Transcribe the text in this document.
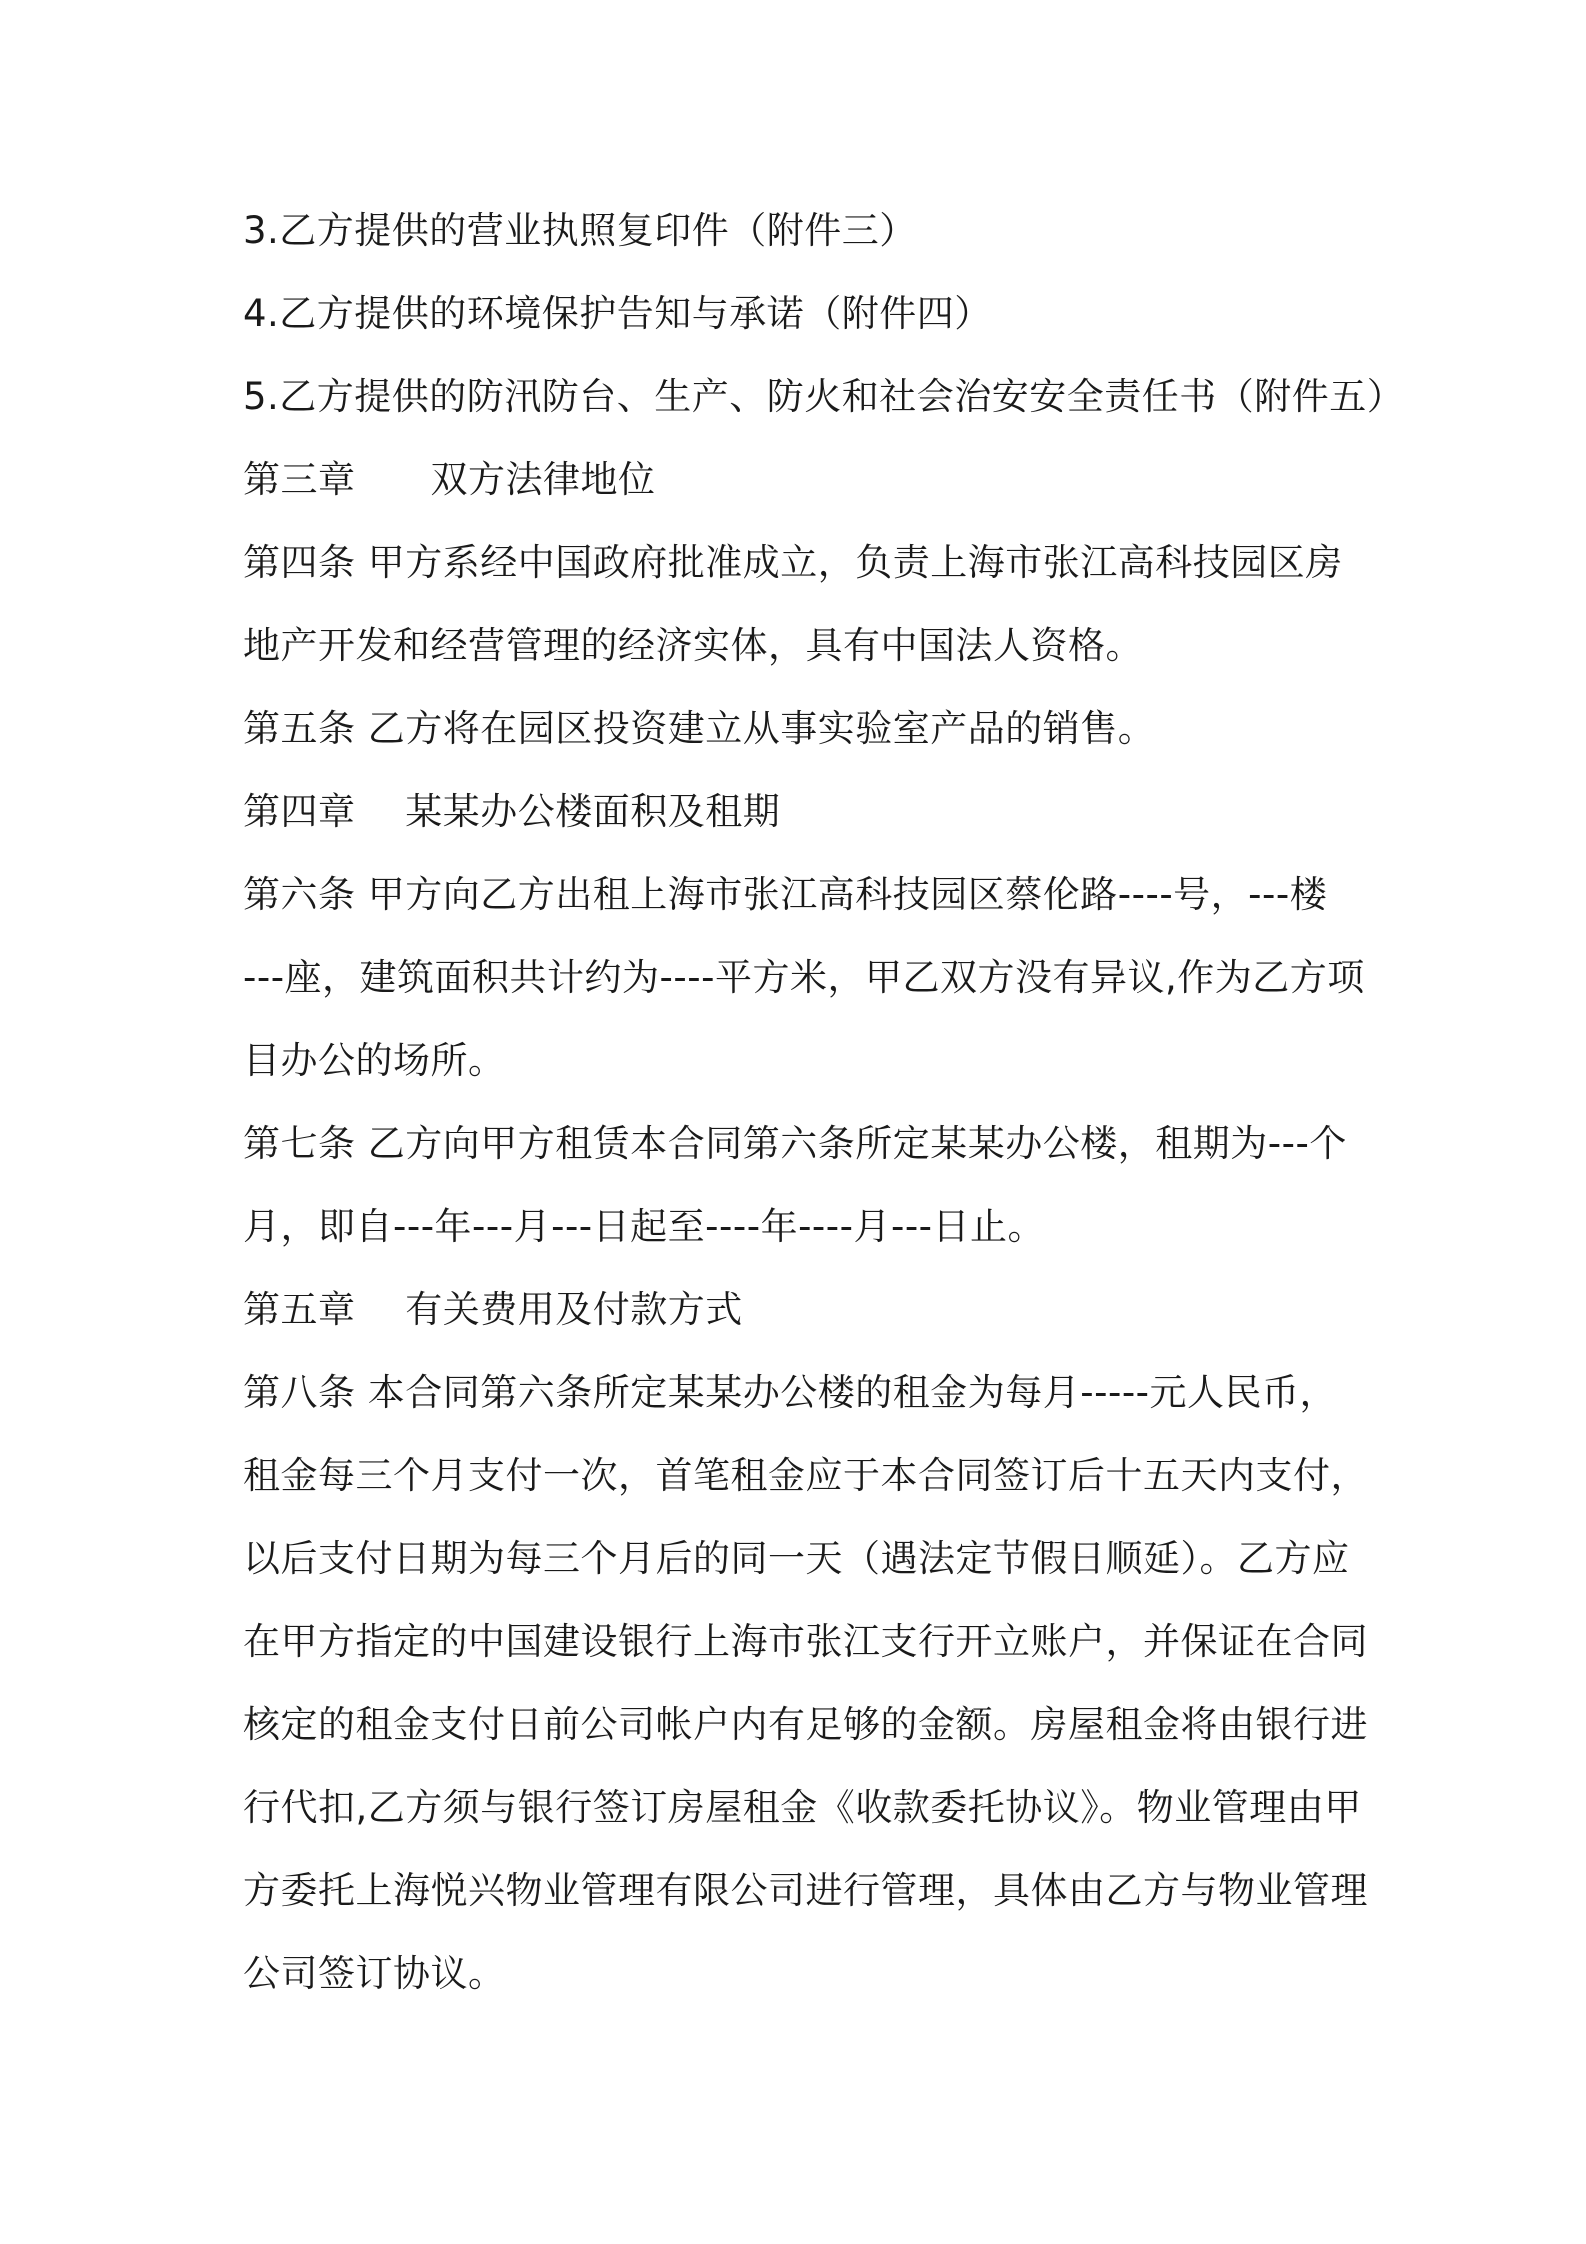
3.乙方提供的营业执照复印件（附件三）
4.乙方提供的环境保护告知与承诺（附件四）
5.乙方提供的防汛防台、生产、防火和社会治安安全责任书（附件五）
第三章　　双方法律地位
第四条 甲方系经中国政府批准成立，负责上海市张江高科技园区房
地产开发和经营管理的经济实体，具有中国法人资格。
第五条 乙方将在园区投资建立从事实验室产品的销售。
第四章　 某某办公楼面积及租期
第六条 甲方向乙方出租上海市张江高科技园区蔡伦路----号，---楼
---座，建筑面积共计约为----平方米，甲乙双方没有异议,作为乙方项
目办公的场所。
第七条 乙方向甲方租赁本合同第六条所定某某办公楼，租期为---个
月，即自---年---月---日起至----年----月---日止。
第五章　 有关费用及付款方式
第八条 本合同第六条所定某某办公楼的租金为每月-----元人民币，
租金每三个月支付一次，首笔租金应于本合同签订后十五天内支付，
以后支付日期为每三个月后的同一天（遇法定节假日顺延）。乙方应
在甲方指定的中国建设银行上海市张江支行开立账户，并保证在合同
核定的租金支付日前公司帐户内有足够的金额。房屋租金将由银行进
行代扣,乙方须与银行签订房屋租金《收款委托协议》。物业管理由甲
方委托上海悦兴物业管理有限公司进行管理，具体由乙方与物业管理
公司签订协议。
